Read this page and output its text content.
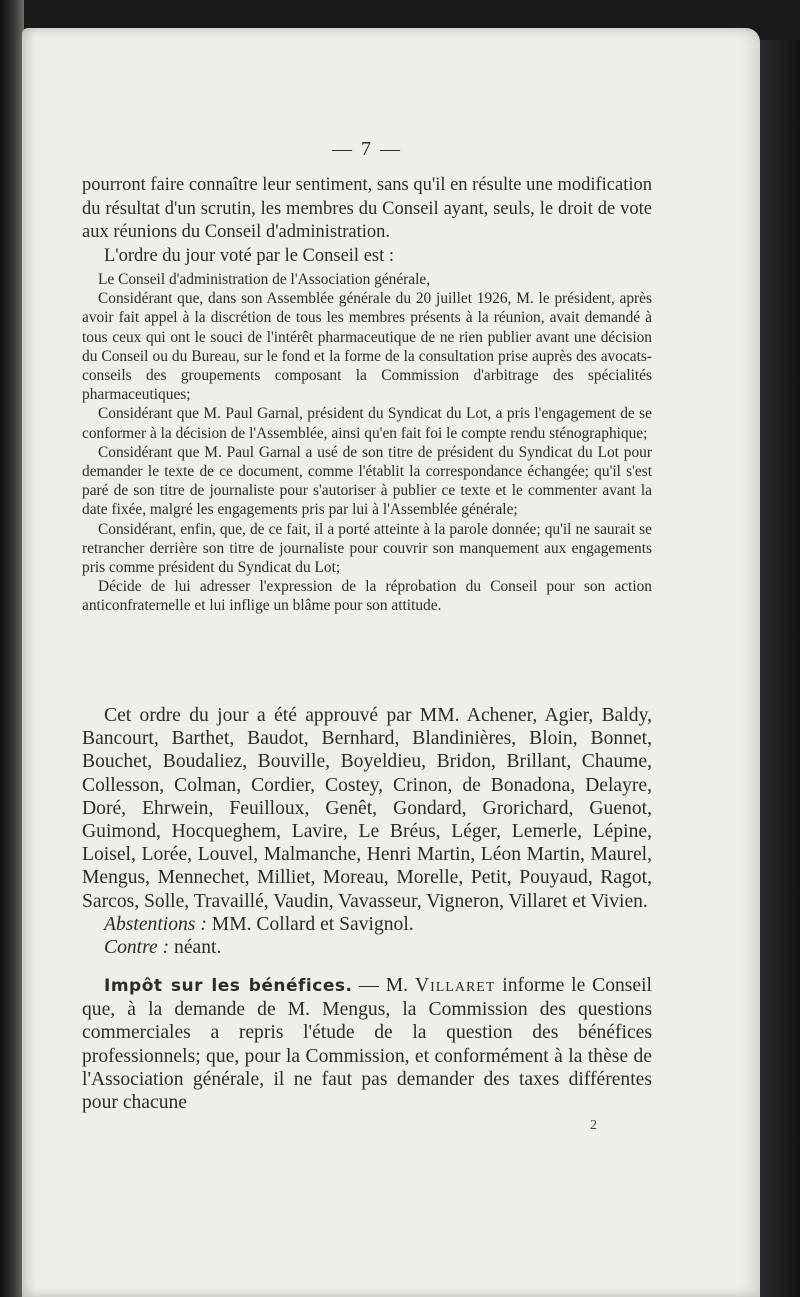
— 7 —

pourront faire connaître leur sentiment, sans qu'il en résulte une modification du résultat d'un scrutin, les membres du Conseil ayant, seuls, le droit de vote aux réunions du Conseil d'administration.

L'ordre du jour voté par le Conseil est :

Le Conseil d'administration de l'Association générale,

Considérant que, dans son Assemblée générale du 20 juillet 1926, M. le président, après avoir fait appel à la discrétion de tous les membres présents à la réunion, avait demandé à tous ceux qui ont le souci de l'intérêt pharmaceutique de ne rien publier avant une décision du Conseil ou du Bureau, sur le fond et la forme de la consultation prise auprès des avocats-conseils des groupements composant la Commission d'arbitrage des spécialités pharmaceutiques;

Considérant que M. Paul Garnal, président du Syndicat du Lot, a pris l'engagement de se conformer à la décision de l'Assemblée, ainsi qu'en fait foi le compte rendu sténographique;

Considérant que M. Paul Garnal a usé de son titre de président du Syndicat du Lot pour demander le texte de ce document, comme l'établit la correspondance échangée; qu'il s'est paré de son titre de journaliste pour s'autoriser à publier ce texte et le commenter avant la date fixée, malgré les engagements pris par lui à l'Assemblée générale;

Considérant, enfin, que, de ce fait, il a porté atteinte à la parole donnée; qu'il ne saurait se retrancher derrière son titre de journaliste pour couvrir son manquement aux engagements pris comme président du Syndicat du Lot;

Décide de lui adresser l'expression de la réprobation du Conseil pour son action anticonfraternelle et lui inflige un blâme pour son attitude.

Cet ordre du jour a été approuvé par MM. Achener, Agier, Baldy, Bancourt, Barthet, Baudot, Bernhard, Blandinières, Bloin, Bonnet, Bouchet, Boudaliez, Bouville, Boyeldieu, Bridon, Brillant, Chaume, Collesson, Colman, Cordier, Costey, Crinon, de Bonadona, Delayre, Doré, Ehrwein, Feuilloux, Genêt, Gondard, Grorichard, Guenot, Guimond, Hocqueghem, Lavire, Le Bréus, Léger, Lemerle, Lépine, Loisel, Lorée, Louvel, Malmanche, Henri Martin, Léon Martin, Maurel, Mengus, Mennechet, Milliet, Moreau, Morelle, Petit, Pouyaud, Ragot, Sarcos, Solle, Travaillé, Vaudin, Vavasseur, Vigneron, Villaret et Vivien.

Abstentions : MM. Collard et Savignol.

Contre : néant.

Impôt sur les bénéfices. — M. Villaret informe le Conseil que, à la demande de M. Mengus, la Commission des questions commerciales a repris l'étude de la question des bénéfices professionnels; que, pour la Commission, et conformément à la thèse de l'Association générale, il ne faut pas demander des taxes différentes pour chacune

2
